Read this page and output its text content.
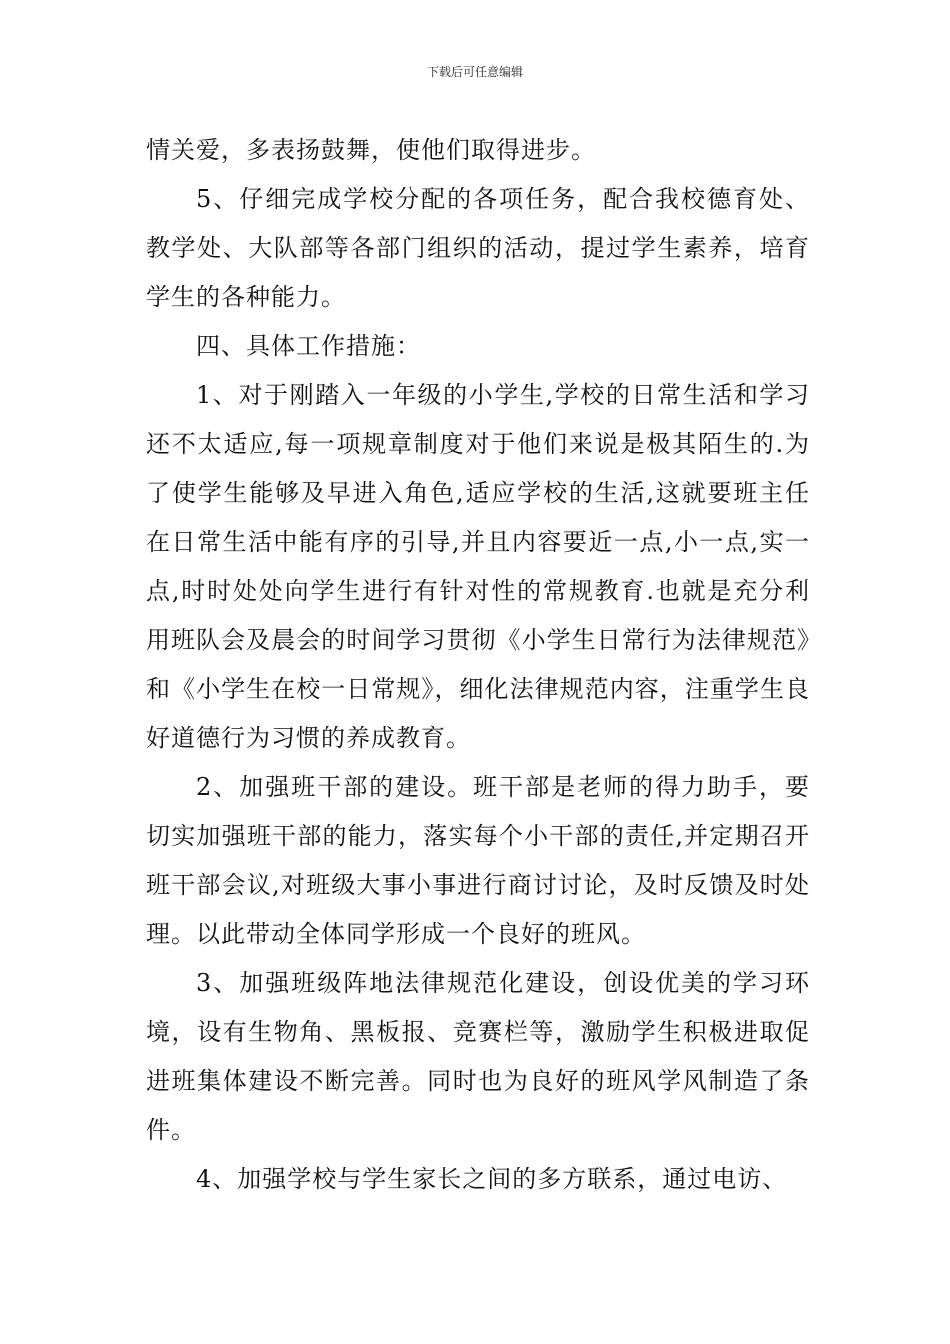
下载后可任意编辑

情关爱，多表扬鼓舞，使他们取得进步。

5、仔细完成学校分配的各项任务，配合我校德育处、教学处、大队部等各部门组织的活动，提过学生素养，培育学生的各种能力。

四、具体工作措施：

1、对于刚踏入一年级的小学生,学校的日常生活和学习还不太适应,每一项规章制度对于他们来说是极其陌生的.为了使学生能够及早进入角色,适应学校的生活,这就要班主任在日常生活中能有序的引导,并且内容要近一点,小一点,实一点,时时处处向学生进行有针对性的常规教育.也就是充分利用班队会及晨会的时间学习贯彻《小学生日常行为法律规范》和《小学生在校一日常规》，细化法律规范内容，注重学生良好道德行为习惯的养成教育。

2、加强班干部的建设。班干部是老师的得力助手，要切实加强班干部的能力，落实每个小干部的责任,并定期召开班干部会议,对班级大事小事进行商讨讨论，及时反馈及时处理。以此带动全体同学形成一个良好的班风。

3、加强班级阵地法律规范化建设，创设优美的学习环境，设有生物角、黑板报、竞赛栏等，激励学生积极进取促进班集体建设不断完善。同时也为良好的班风学风制造了条件。

4、加强学校与学生家长之间的多方联系，通过电访、
